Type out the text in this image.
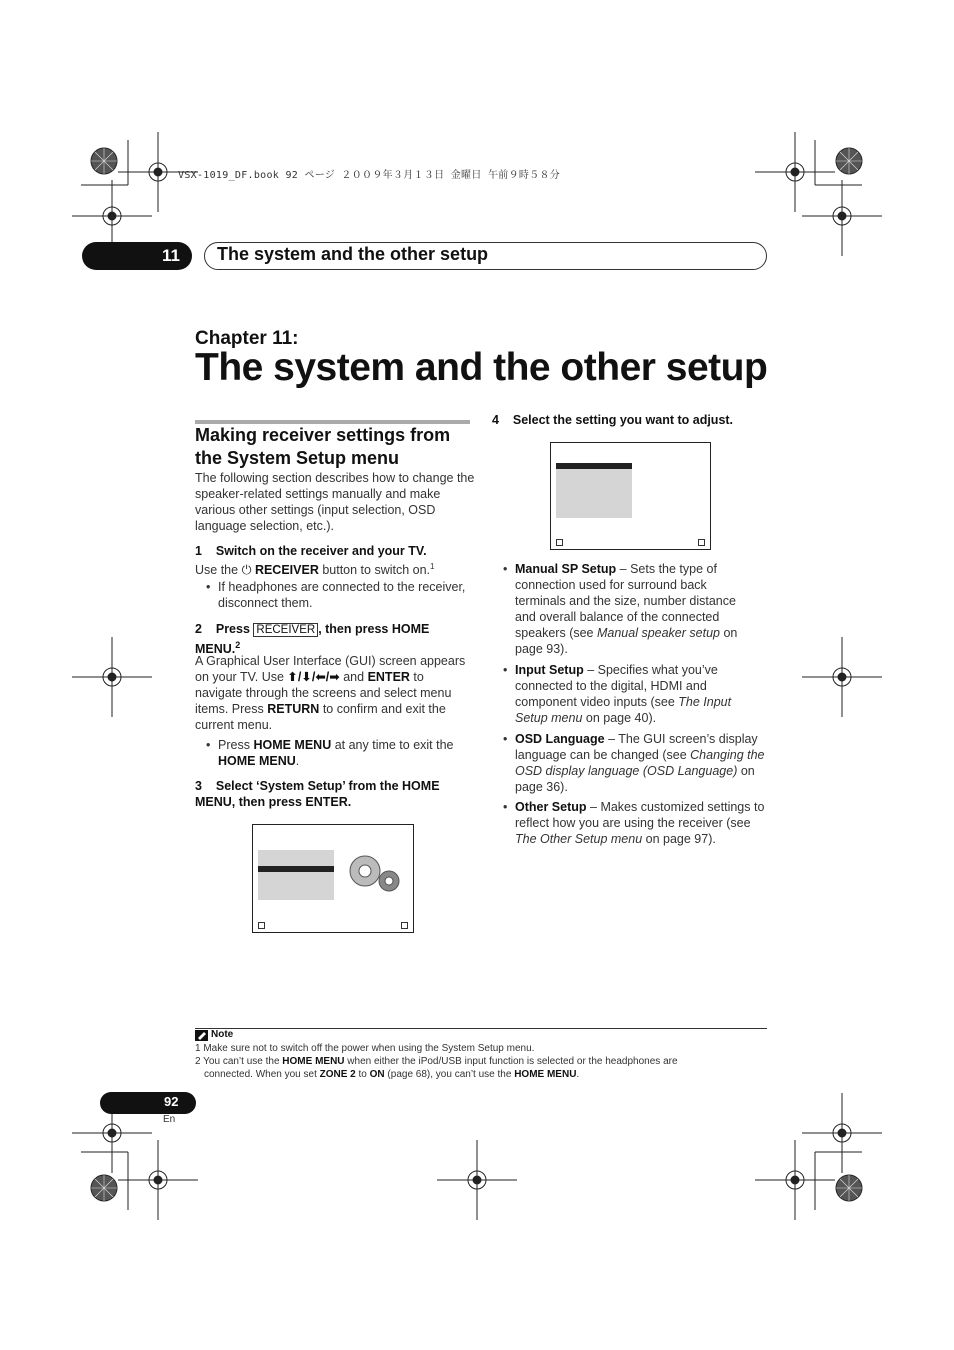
VSX-1019_DF.book 92 ページ ２００９年３月１３日 金曜日 午前９時５８分
11 The system and the other setup
Chapter 11:
The system and the other setup
Making receiver settings from the System Setup menu
The following section describes how to change the speaker-related settings manually and make various other settings (input selection, OSD language selection, etc.).
1 Switch on the receiver and your TV.
Use the ⏻ RECEIVER button to switch on.$^1$
• If headphones are connected to the receiver, disconnect them.
2 Press RECEIVER , then press HOME MENU.$^2$
A Graphical User Interface (GUI) screen appears on your TV. Use ⬆/⬇/⬅/➡ and ENTER to navigate through the screens and select menu items. Press RETURN to confirm and exit the current menu.
• Press HOME MENU at any time to exit the HOME MENU.
3 Select ‘System Setup’ from the HOME MENU, then press ENTER.
4 Select the setting you want to adjust.
• Manual SP Setup – Sets the type of connection used for surround back terminals and the size, number distance and overall balance of the connected speakers (see Manual speaker setup on page 93).
• Input Setup – Specifies what you’ve connected to the digital, HDMI and component video inputs (see The Input Setup menu on page 40).
• OSD Language – The GUI screen’s display language can be changed (see Changing the OSD display language (OSD Language) on page 36).
• Other Setup – Makes customized settings to reflect how you are using the receiver (see The Other Setup menu on page 97).
Note
1 Make sure not to switch off the power when using the System Setup menu.
2 You can’t use the HOME MENU when either the iPod/USB input function is selected or the headphones are
connected. When you set ZONE 2 to ON (page 68), you can’t use the HOME MENU.
92
En
